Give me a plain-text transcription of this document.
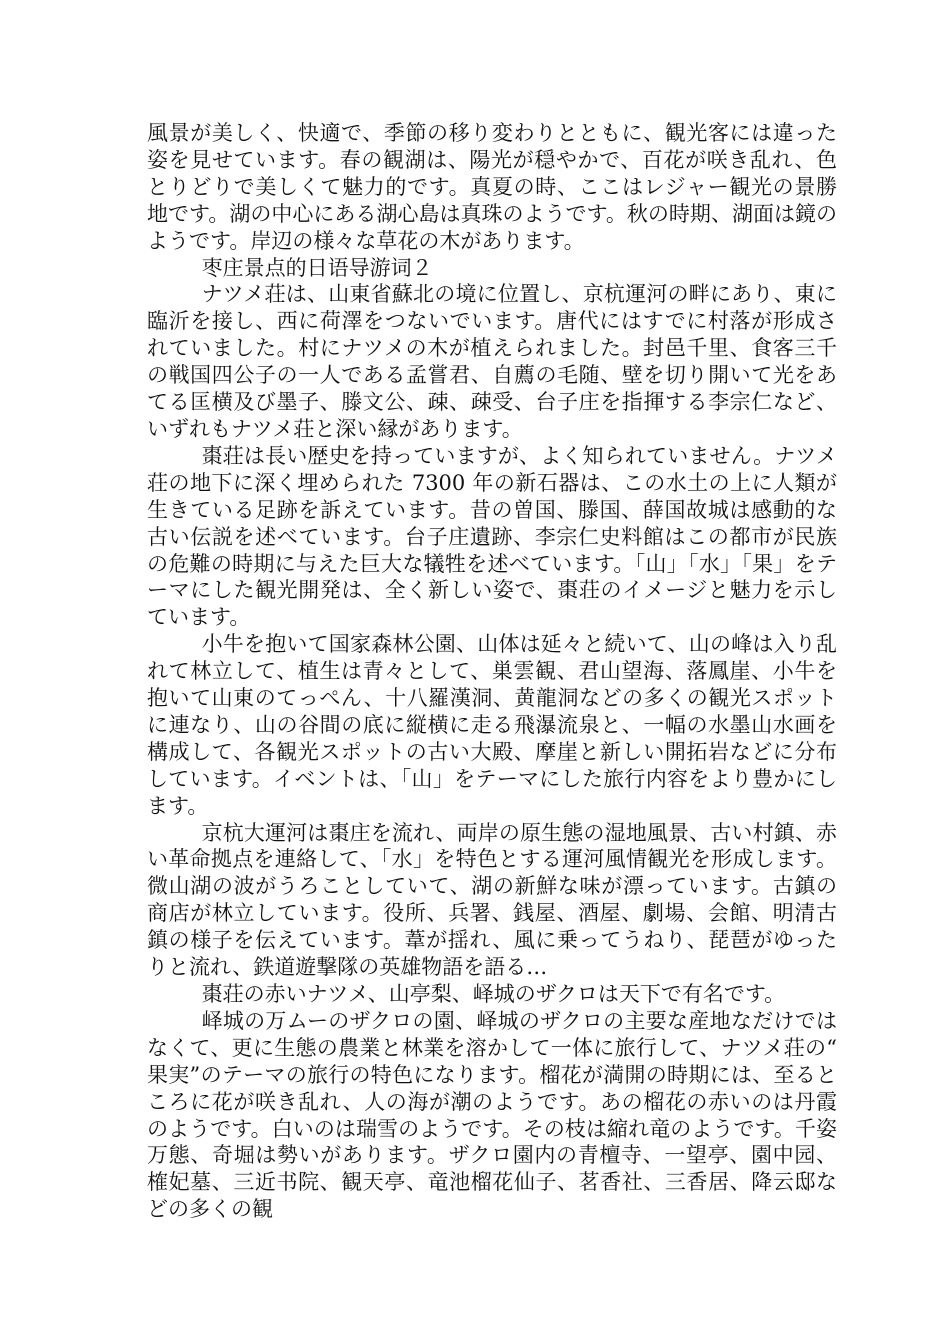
風景が美しく、快適で、季節の移り変わりとともに、観光客には違った姿を見せています。春の観湖は、陽光が穏やかで、百花が咲き乱れ、色とりどりで美しくて魅力的です。真夏の時、ここはレジャー観光の景勝地です。湖の中心にある湖心島は真珠のようです。秋の時期、湖面は鏡のようです。岸辺の様々な草花の木があります。

枣庄景点的日语导游词２

ナツメ荘は、山東省蘇北の境に位置し、京杭運河の畔にあり、東に臨沂を接し、西に荷澤をつないでいます。唐代にはすでに村落が形成されていました。村にナツメの木が植えられました。封邑千里、食客三千の戦国四公子の一人である孟嘗君、自薦の毛随、壁を切り開いて光をあてる匡横及び墨子、滕文公、疎、疎受、台子庄を指揮する李宗仁など、いずれもナツメ荘と深い縁があります。

棗荘は長い歴史を持っていますが、よく知られていません。ナツメ荘の地下に深く埋められた 7300 年の新石器は、この水土の上に人類が生きている足跡を訴えています。昔の曽国、滕国、薛国故城は感動的な古い伝説を述べています。台子庄遺跡、李宗仁史料館はこの都市が民族の危難の時期に与えた巨大な犠牲を述べています。「山」「水」「果」をテーマにした観光開発は、全く新しい姿で、棗荘のイメージと魅力を示しています。

小牛を抱いて国家森林公園、山体は延々と続いて、山の峰は入り乱れて林立して、植生は青々として、巣雲観、君山望海、落鳳崖、小牛を抱いて山東のてっぺん、十八羅漢洞、黄龍洞などの多くの観光スポットに連なり、山の谷間の底に縦横に走る飛瀑流泉と、一幅の水墨山水画を構成して、各観光スポットの古い大殿、摩崖と新しい開拓岩などに分布しています。イベントは、「山」をテーマにした旅行内容をより豊かにします。

京杭大運河は棗庄を流れ、両岸の原生態の湿地風景、古い村鎮、赤い革命拠点を連絡して、「水」を特色とする運河風情観光を形成します。微山湖の波がうろことしていて、湖の新鮮な味が漂っています。古鎮の商店が林立しています。役所、兵署、銭屋、酒屋、劇場、会館、明清古鎮の様子を伝えています。葦が揺れ、風に乗ってうねり、琵琶がゆったりと流れ、鉄道遊撃隊の英雄物語を語る…

棗荘の赤いナツメ、山亭梨、峄城のザクロは天下で有名です。

峄城の万ムーのザクロの園、峄城のザクロの主要な産地なだけではなくて、更に生態の農業と林業を溶かして一体に旅行して、ナツメ荘の“果実”のテーマの旅行の特色になります。榴花が満開の時期には、至るところに花が咲き乱れ、人の海が潮のようです。あの榴花の赤いのは丹霞のようです。白いのは瑞雪のようです。その枝は縮れ竜のようです。千姿万態、奇堀は勢いがあります。ザクロ園内の青檀寺、一望亭、園中园、榷妃墓、三近书院、観天亭、竜池榴花仙子、茗香社、三香居、降云邸などの多くの観
